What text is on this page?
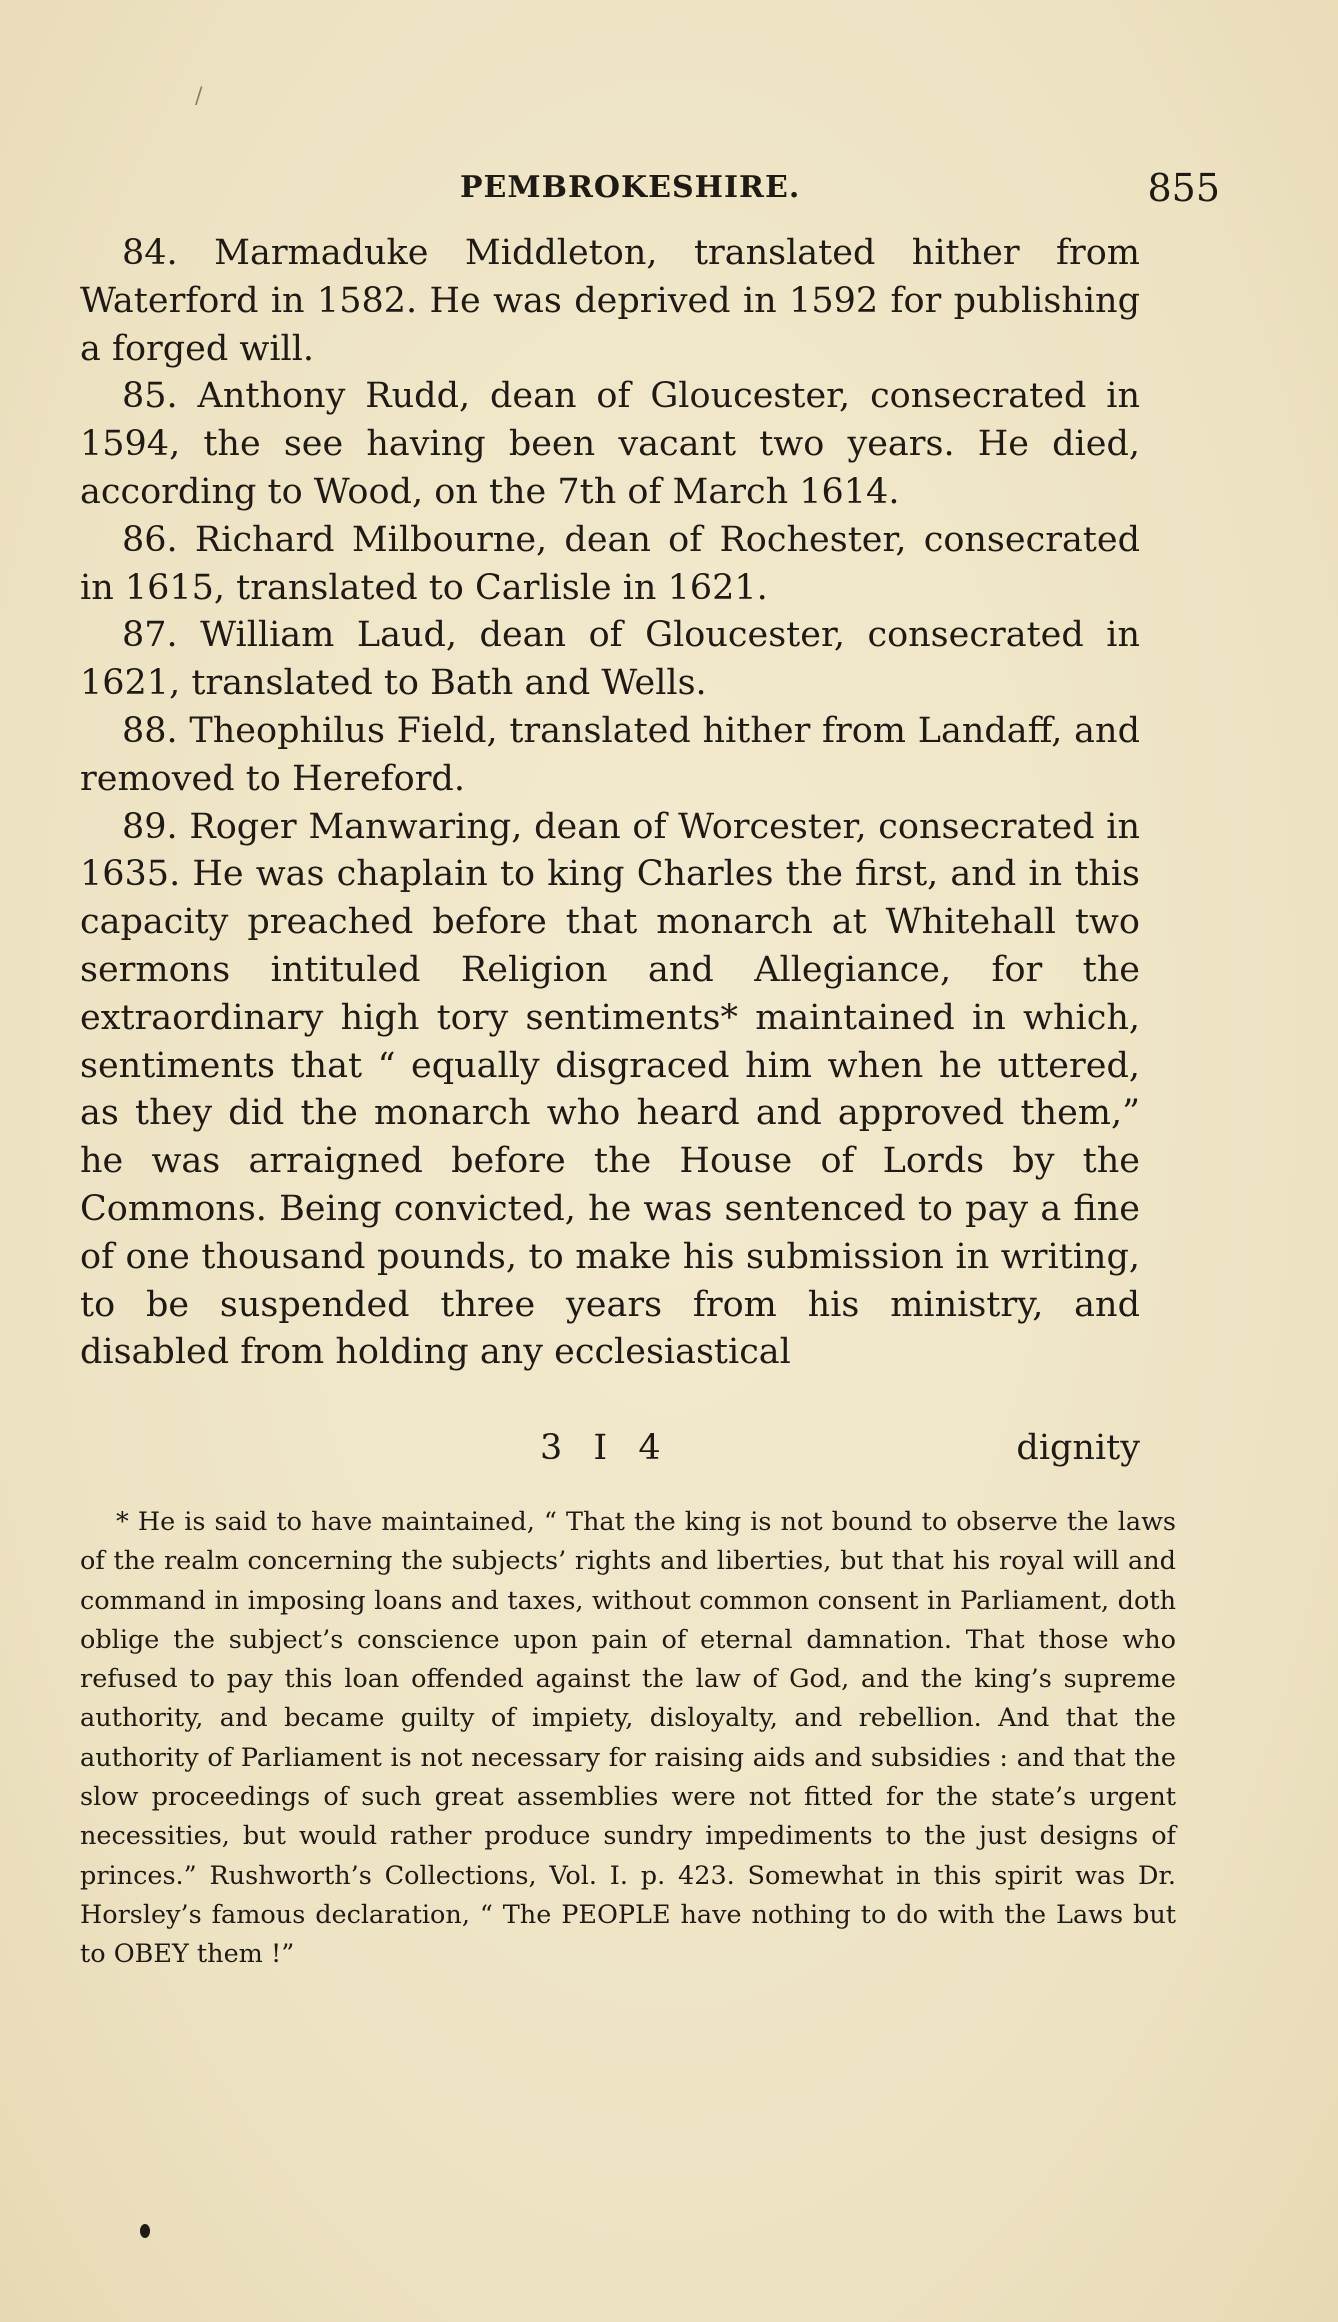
/
PEMBROKESHIRE.	855

84. Marmaduke Middleton, translated hither from Waterford in 1582. He was deprived in 1592 for publishing a forged will.

85. Anthony Rudd, dean of Gloucester, consecrated in 1594, the see having been vacant two years. He died, according to Wood, on the 7th of March 1614.

86. Richard Milbourne, dean of Rochester, consecrated in 1615, translated to Carlisle in 1621.

87. William Laud, dean of Gloucester, consecrated in 1621, translated to Bath and Wells.

88. Theophilus Field, translated hither from Landaff, and removed to Hereford.

89. Roger Manwaring, dean of Worcester, consecrated in 1635. He was chaplain to king Charles the first, and in this capacity preached before that monarch at Whitehall two sermons intituled Religion and Allegiance, for the extraordinary high tory sentiments* maintained in which, sentiments that “ equally disgraced him when he uttered, as they did the monarch who heard and approved them,” he was arraigned before the House of Lords by the Commons. Being convicted, he was sentenced to pay a fine of one thousand pounds, to make his submission in writing, to be suspended three years from his ministry, and disabled from holding any ecclesiastical

3 I 4	dignity

* He is said to have maintained, “ That the king is not bound to observe the laws of the realm concerning the subjects’ rights and liberties, but that his royal will and command in imposing loans and taxes, without common consent in Parliament, doth oblige the subject’s conscience upon pain of eternal damnation. That those who refused to pay this loan offended against the law of God, and the king’s supreme authority, and became guilty of impiety, disloyalty, and rebellion. And that the authority of Parliament is not necessary for raising aids and subsidies : and that the slow proceedings of such great assemblies were not fitted for the state’s urgent necessities, but would rather produce sundry impediments to the just designs of princes.” Rushworth’s Collections, Vol. I. p. 423. Somewhat in this spirit was Dr. Horsley’s famous declaration, “ The PEOPLE have nothing to do with the Laws but to OBEY them !”
